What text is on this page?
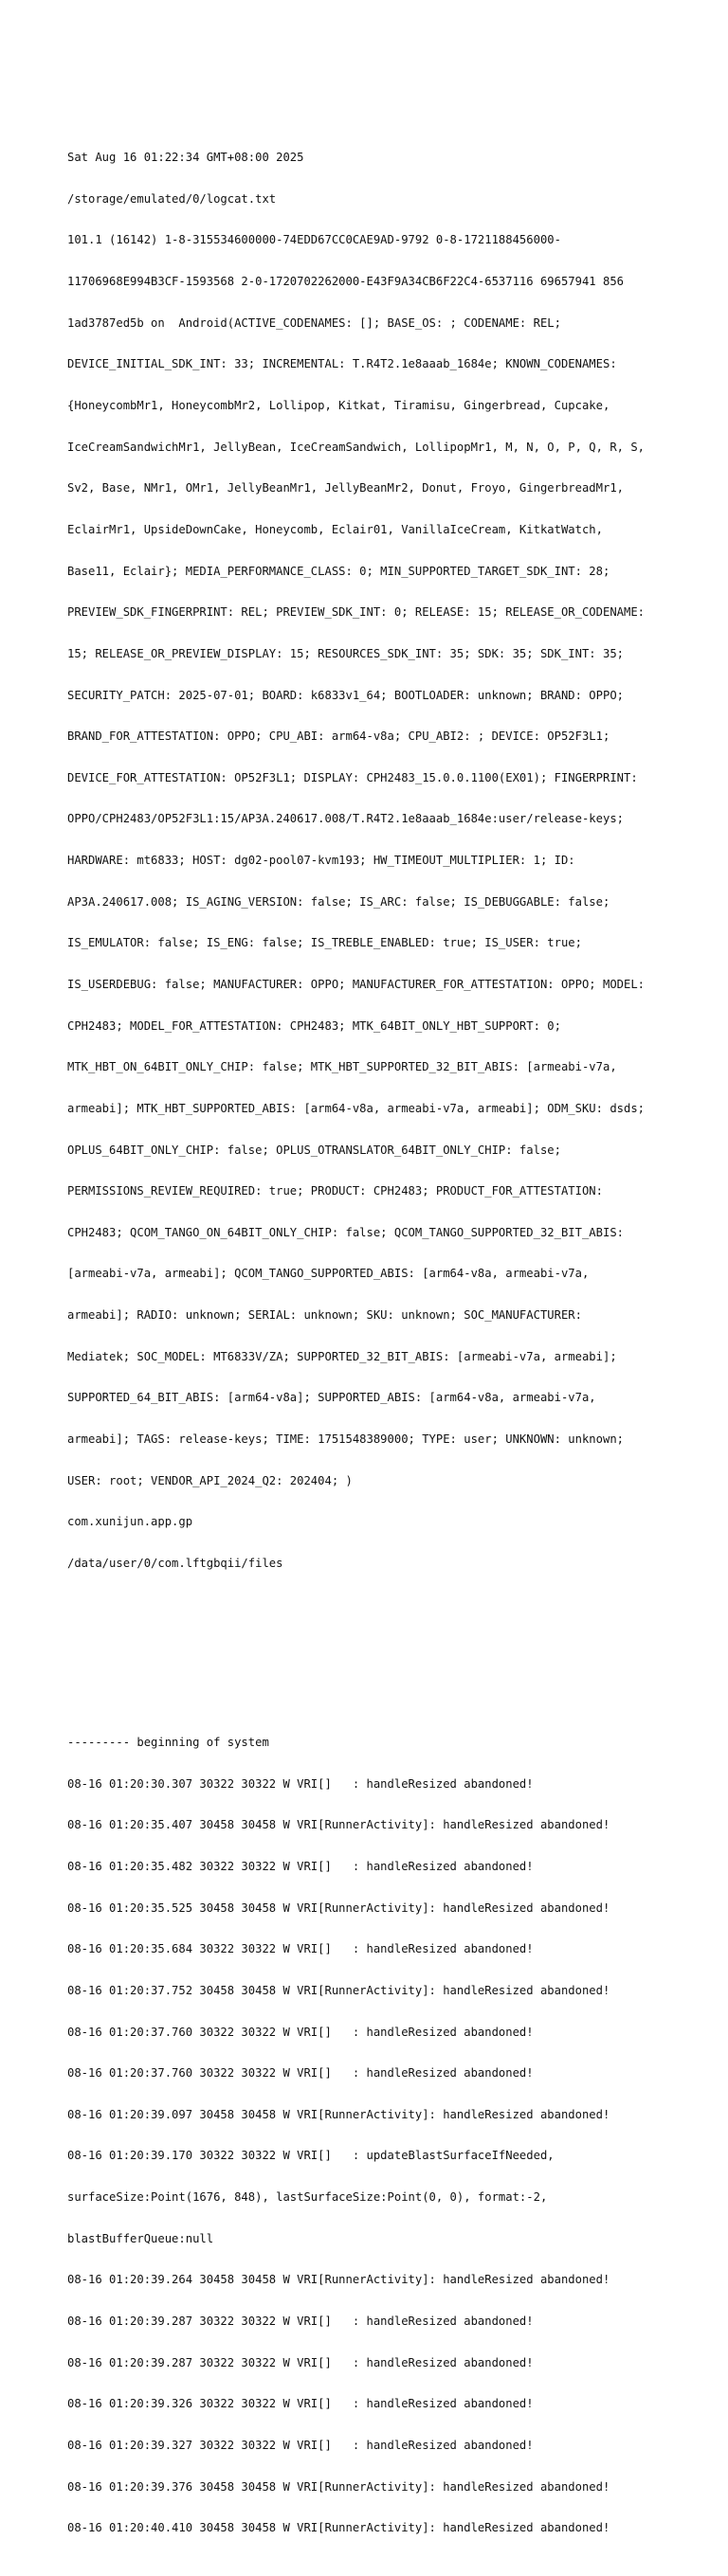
Sat Aug 16 01:22:34 GMT+08:00 2025

/storage/emulated/0/logcat.txt

101.1 (16142) 1-8-315534600000-74EDD67CC0CAE9AD-9792 0-8-1721188456000-

11706968E994B3CF-1593568 2-0-1720702262000-E43F9A34CB6F22C4-6537116 69657941 856

1ad3787ed5b on  Android(ACTIVE_CODENAMES: []; BASE_OS: ; CODENAME: REL;

DEVICE_INITIAL_SDK_INT: 33; INCREMENTAL: T.R4T2.1e8aaab_1684e; KNOWN_CODENAMES:

{HoneycombMr1, HoneycombMr2, Lollipop, Kitkat, Tiramisu, Gingerbread, Cupcake,

IceCreamSandwichMr1, JellyBean, IceCreamSandwich, LollipopMr1, M, N, O, P, Q, R, S,

Sv2, Base, NMr1, OMr1, JellyBeanMr1, JellyBeanMr2, Donut, Froyo, GingerbreadMr1,

EclairMr1, UpsideDownCake, Honeycomb, Eclair01, VanillaIceCream, KitkatWatch,

Base11, Eclair}; MEDIA_PERFORMANCE_CLASS: 0; MIN_SUPPORTED_TARGET_SDK_INT: 28;

PREVIEW_SDK_FINGERPRINT: REL; PREVIEW_SDK_INT: 0; RELEASE: 15; RELEASE_OR_CODENAME:

15; RELEASE_OR_PREVIEW_DISPLAY: 15; RESOURCES_SDK_INT: 35; SDK: 35; SDK_INT: 35;

SECURITY_PATCH: 2025-07-01; BOARD: k6833v1_64; BOOTLOADER: unknown; BRAND: OPPO;

BRAND_FOR_ATTESTATION: OPPO; CPU_ABI: arm64-v8a; CPU_ABI2: ; DEVICE: OP52F3L1;

DEVICE_FOR_ATTESTATION: OP52F3L1; DISPLAY: CPH2483_15.0.0.1100(EX01); FINGERPRINT:

OPPO/CPH2483/OP52F3L1:15/AP3A.240617.008/T.R4T2.1e8aaab_1684e:user/release-keys;

HARDWARE: mt6833; HOST: dg02-pool07-kvm193; HW_TIMEOUT_MULTIPLIER: 1; ID:

AP3A.240617.008; IS_AGING_VERSION: false; IS_ARC: false; IS_DEBUGGABLE: false;

IS_EMULATOR: false; IS_ENG: false; IS_TREBLE_ENABLED: true; IS_USER: true;

IS_USERDEBUG: false; MANUFACTURER: OPPO; MANUFACTURER_FOR_ATTESTATION: OPPO; MODEL:

CPH2483; MODEL_FOR_ATTESTATION: CPH2483; MTK_64BIT_ONLY_HBT_SUPPORT: 0;

MTK_HBT_ON_64BIT_ONLY_CHIP: false; MTK_HBT_SUPPORTED_32_BIT_ABIS: [armeabi-v7a,

armeabi]; MTK_HBT_SUPPORTED_ABIS: [arm64-v8a, armeabi-v7a, armeabi]; ODM_SKU: dsds;

OPLUS_64BIT_ONLY_CHIP: false; OPLUS_OTRANSLATOR_64BIT_ONLY_CHIP: false;

PERMISSIONS_REVIEW_REQUIRED: true; PRODUCT: CPH2483; PRODUCT_FOR_ATTESTATION:

CPH2483; QCOM_TANGO_ON_64BIT_ONLY_CHIP: false; QCOM_TANGO_SUPPORTED_32_BIT_ABIS:

[armeabi-v7a, armeabi]; QCOM_TANGO_SUPPORTED_ABIS: [arm64-v8a, armeabi-v7a,

armeabi]; RADIO: unknown; SERIAL: unknown; SKU: unknown; SOC_MANUFACTURER:

Mediatek; SOC_MODEL: MT6833V/ZA; SUPPORTED_32_BIT_ABIS: [armeabi-v7a, armeabi];

SUPPORTED_64_BIT_ABIS: [arm64-v8a]; SUPPORTED_ABIS: [arm64-v8a, armeabi-v7a,

armeabi]; TAGS: release-keys; TIME: 1751548389000; TYPE: user; UNKNOWN: unknown;

USER: root; VENDOR_API_2024_Q2: 202404; )

com.xunijun.app.gp

/data/user/0/com.lftgbqii/files

--------- beginning of system

08-16 01:20:30.307 30322 30322 W VRI[]   : handleResized abandoned!

08-16 01:20:35.407 30458 30458 W VRI[RunnerActivity]: handleResized abandoned!

08-16 01:20:35.482 30322 30322 W VRI[]   : handleResized abandoned!

08-16 01:20:35.525 30458 30458 W VRI[RunnerActivity]: handleResized abandoned!

08-16 01:20:35.684 30322 30322 W VRI[]   : handleResized abandoned!

08-16 01:20:37.752 30458 30458 W VRI[RunnerActivity]: handleResized abandoned!

08-16 01:20:37.760 30322 30322 W VRI[]   : handleResized abandoned!

08-16 01:20:37.760 30322 30322 W VRI[]   : handleResized abandoned!

08-16 01:20:39.097 30458 30458 W VRI[RunnerActivity]: handleResized abandoned!

08-16 01:20:39.170 30322 30322 W VRI[]   : updateBlastSurfaceIfNeeded,

surfaceSize:Point(1676, 848), lastSurfaceSize:Point(0, 0), format:-2,

blastBufferQueue:null

08-16 01:20:39.264 30458 30458 W VRI[RunnerActivity]: handleResized abandoned!

08-16 01:20:39.287 30322 30322 W VRI[]   : handleResized abandoned!

08-16 01:20:39.287 30322 30322 W VRI[]   : handleResized abandoned!

08-16 01:20:39.326 30322 30322 W VRI[]   : handleResized abandoned!

08-16 01:20:39.327 30322 30322 W VRI[]   : handleResized abandoned!

08-16 01:20:39.376 30458 30458 W VRI[RunnerActivity]: handleResized abandoned!

08-16 01:20:40.410 30458 30458 W VRI[RunnerActivity]: handleResized abandoned!
